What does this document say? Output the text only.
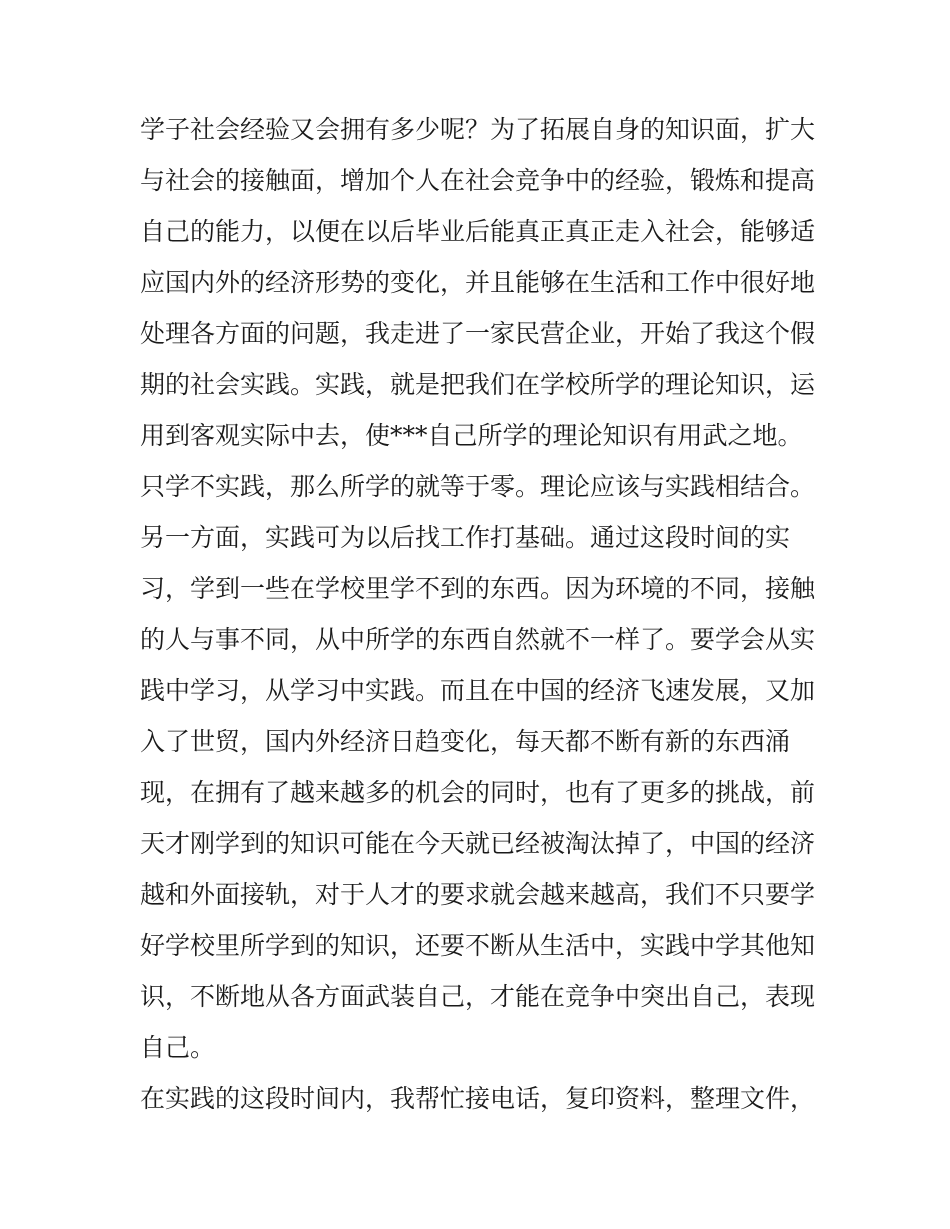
学子社会经验又会拥有多少呢？为了拓展自身的知识面，扩大
与社会的接触面，增加个人在社会竞争中的经验，锻炼和提高
自己的能力，以便在以后毕业后能真正真正走入社会，能够适
应国内外的经济形势的变化，并且能够在生活和工作中很好地
处理各方面的问题，我走进了一家民营企业，开始了我这个假
期的社会实践。实践，就是把我们在学校所学的理论知识，运
用到客观实际中去，使***自己所学的理论知识有用武之地。
只学不实践，那么所学的就等于零。理论应该与实践相结合。
另一方面，实践可为以后找工作打基础。通过这段时间的实
习，学到一些在学校里学不到的东西。因为环境的不同，接触
的人与事不同，从中所学的东西自然就不一样了。要学会从实
践中学习，从学习中实践。而且在中国的经济飞速发展，又加
入了世贸，国内外经济日趋变化，每天都不断有新的东西涌
现，在拥有了越来越多的机会的同时，也有了更多的挑战，前
天才刚学到的知识可能在今天就已经被淘汰掉了，中国的经济
越和外面接轨，对于人才的要求就会越来越高，我们不只要学
好学校里所学到的知识，还要不断从生活中，实践中学其他知
识，不断地从各方面武装自己，才能在竞争中突出自己，表现
自己。
在实践的这段时间内，我帮忙接电话，复印资料，整理文件，
